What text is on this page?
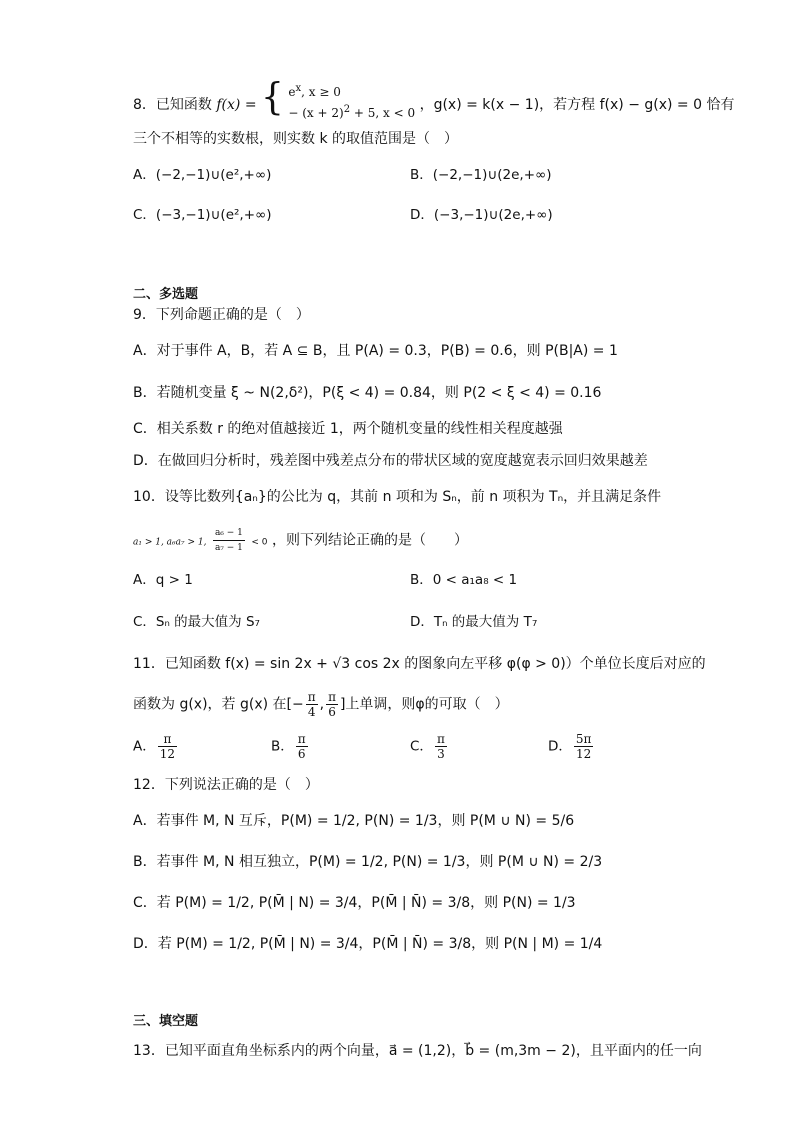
8．已知函数 f(x) = { $e^x$, x ≥ 0
− $(x + 2)^2 + 5$, x < 0 ，g(x) = k(x − 1)，若方程 f(x) − g(x) = 0 恰有
三个不相等的实数根，则实数 k 的取值范围是（　）
A．(−2,−1)∪(e²,+∞)	B．(−2,−1)∪(2e,+∞)
C．(−3,−1)∪(e²,+∞)	D．(−3,−1)∪(2e,+∞)
二、多选题
9．下列命题正确的是（　）
A．对于事件 A，B，若 A ⊆ B，且 P(A) = 0.3，P(B) = 0.6，则 P(B|A) = 1
B．若随机变量 ξ ~ N(2,δ²)，P(ξ < 4) = 0.84，则 P(2 < ξ < 4) = 0.16
C．相关系数 r 的绝对值越接近 1，两个随机变量的线性相关程度越强
D．在做回归分析时，残差图中残差点分布的带状区域的宽度越宽表示回归效果越差
10．设等比数列{aₙ}的公比为 q，其前 n 项和为 Sₙ，前 n 项积为 Tₙ，并且满足条件
a₁ > 1, a₆a₇ > 1, $\frac{\text{a₆ − 1}}{\text{a₇ − 1}} < 0$ ，则下列结论正确的是（　　）
A．q > 1	B．0 < a₁a₈ < 1
C．Sₙ 的最大值为 S₇	D．Tₙ 的最大值为 T₇
11．已知函数 f(x) = sin 2x + √3 cos 2x 的图象向左平移 φ(φ > 0)）个单位长度后对应的
函数为 g(x)，若 g(x) 在[− $\frac{\pi}{4}$ , $\frac{\pi}{6}$ ]上单调，则φ的可取（　）
A． $\frac{\pi}{12}$	B． $\frac{\pi}{6}$	C． $\frac{\pi}{3}$	D． $\frac{5\pi}{12}$
12．下列说法正确的是（　）
A．若事件 M, N 互斥，P(M) = 1/2, P(N) = 1/3，则 P(M ∪ N) = 5/6
B．若事件 M, N 相互独立，P(M) = 1/2, P(N) = 1/3，则 P(M ∪ N) = 2/3
C．若 P(M) = 1/2, P(M̄ | N) = 3/4，P(M̄ | N̄) = 3/8，则 P(N) = 1/3
D．若 P(M) = 1/2, P(M̄ | N) = 3/4，P(M̄ | N̄) = 3/8，则 P(N | M) = 1/4
三、填空题
13．已知平面直角坐标系内的两个向量，a⃗ = (1,2)，b⃗ = (m,3m − 2)，且平面内的任一向
